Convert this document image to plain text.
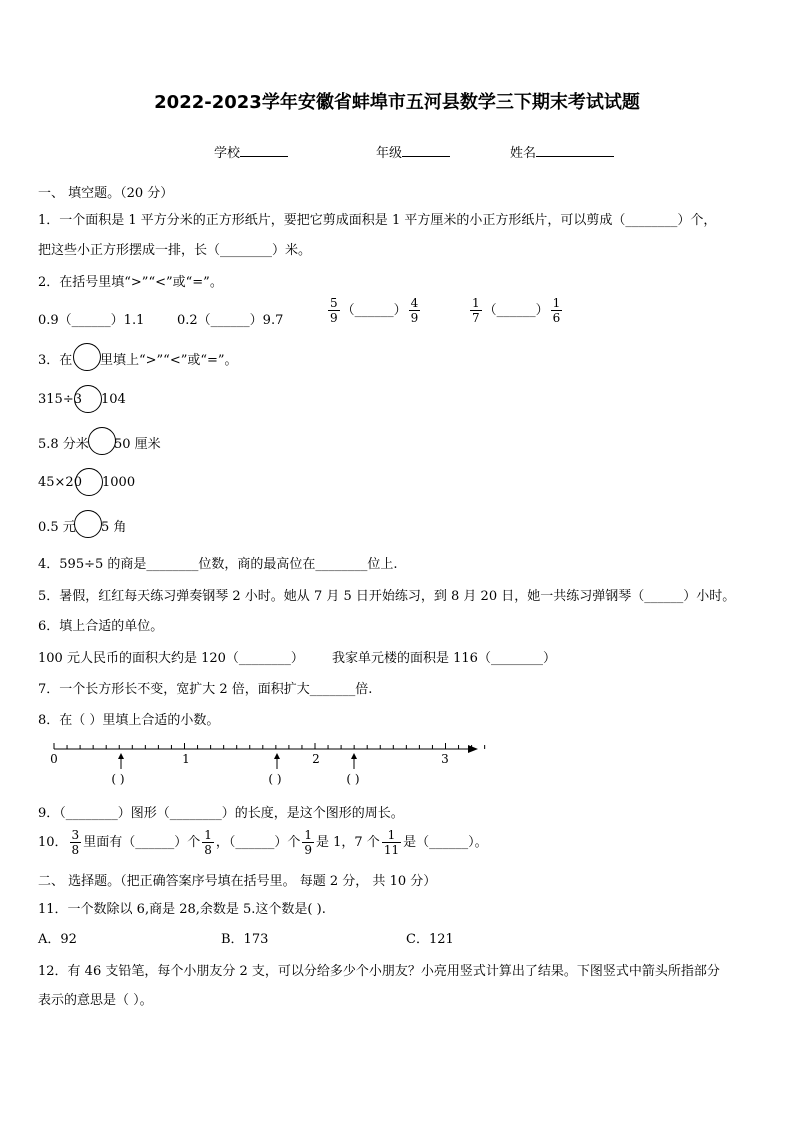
2022-2023学年安徽省蚌埠市五河县数学三下期末考试试题
学校	年级	姓名
一、 填空题。（20 分）
1．一个面积是 1 平方分米的正方形纸片，要把它剪成面积是 1 平方厘米的小正方形纸片，可以剪成（________）个，
把这些小正方形摆成一排，长（________）米。
2．在括号里填“>”“<”或“=”。
0.9（______）1.1	0.2（______）9.7	$\frac{5}{9}$ （______） $\frac{4}{9}$	$\frac{1}{7}$ （______） $\frac{1}{6}$
3．在 里填上“>”“<”或“=”。
315÷3 104
5.8 分米 50 厘米
45×20 1000
0.5 元 5 角
4．595÷5 的商是________位数，商的最高位在________位上.
5．暑假，红红每天练习弹奏钢琴 2 小时。她从 7 月 5 日开始练习，到 8 月 20 日，她一共练习弹钢琴（______）小时。
6．填上合适的单位。
100 元人民币的面积大约是 120（________） 我家单元楼的面积是 116（________）
7．一个长方形长不变，宽扩大 2 倍，面积扩大_______倍.
8．在（ ）里填上合适的小数。
0	1	2	3
( )	( )	( )
9．（________）图形（________）的长度，是这个图形的周长。
10． $\frac{3}{8}$ 里面有（______）个 $\frac{1}{8}$ ，（______）个 $\frac{1}{9}$ 是 1，7 个 $\frac{1}{11}$ 是（______）。
二、 选择题。（把正确答案序号填在括号里。 每题 2 分， 共 10 分）
11．一个数除以 6,商是 28,余数是 5.这个数是( ).
A．92	B．173	C．121
12．有 46 支铅笔，每个小朋友分 2 支，可以分给多少个小朋友？小亮用竖式计算出了结果。下图竖式中箭头所指部分
表示的意思是（ ）。
